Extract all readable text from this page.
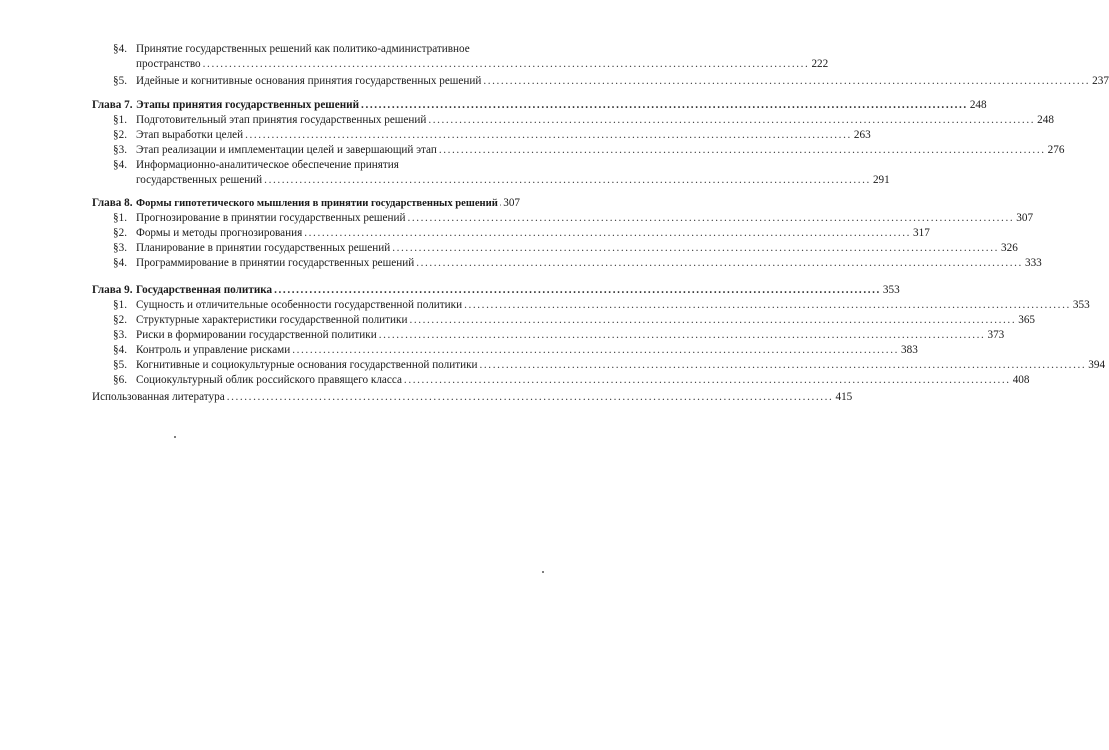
§4. Принятие государственных решений как политико-административное
пространство .......................................................................................................................................... 222
§5. Идейные и когнитивные основания принятия государственных решений .......................................................................................................................................... 237
Глава 7. Этапы принятия государственных решений .......................................................................................................................................... 248
§1. Подготовительный этап принятия государственных решений .......................................................................................................................................... 248
§2. Этап выработки целей .......................................................................................................................................... 263
§3. Этап реализации и имплементации целей и завершающий этап .......................................................................................................................................... 276
§4. Информационно-аналитическое обеспечение принятия
государственных решений .......................................................................................................................................... 291
Глава 8. Формы гипотетического мышления в принятии государственных решений 307
§1. Прогнозирование в принятии государственных решений .......................................................................................................................................... 307
§2. Формы и методы прогнозирования .......................................................................................................................................... 317
§3. Планирование в принятии государственных решений .......................................................................................................................................... 326
§4. Программирование в принятии государственных решений .......................................................................................................................................... 333
Глава 9. Государственная политика .......................................................................................................................................... 353
§1. Сущность и отличительные особенности государственной политики .......................................................................................................................................... 353
§2. Структурные характеристики государственной политики .......................................................................................................................................... 365
§3. Риски в формировании государственной политики .......................................................................................................................................... 373
§4. Контроль и управление рисками .......................................................................................................................................... 383
§5. Когнитивные и социокультурные основания государственной политики .......................................................................................................................................... 394
§6. Социокультурный облик российского правящего класса .......................................................................................................................................... 408
Использованная литература .......................................................................................................................................... 415
